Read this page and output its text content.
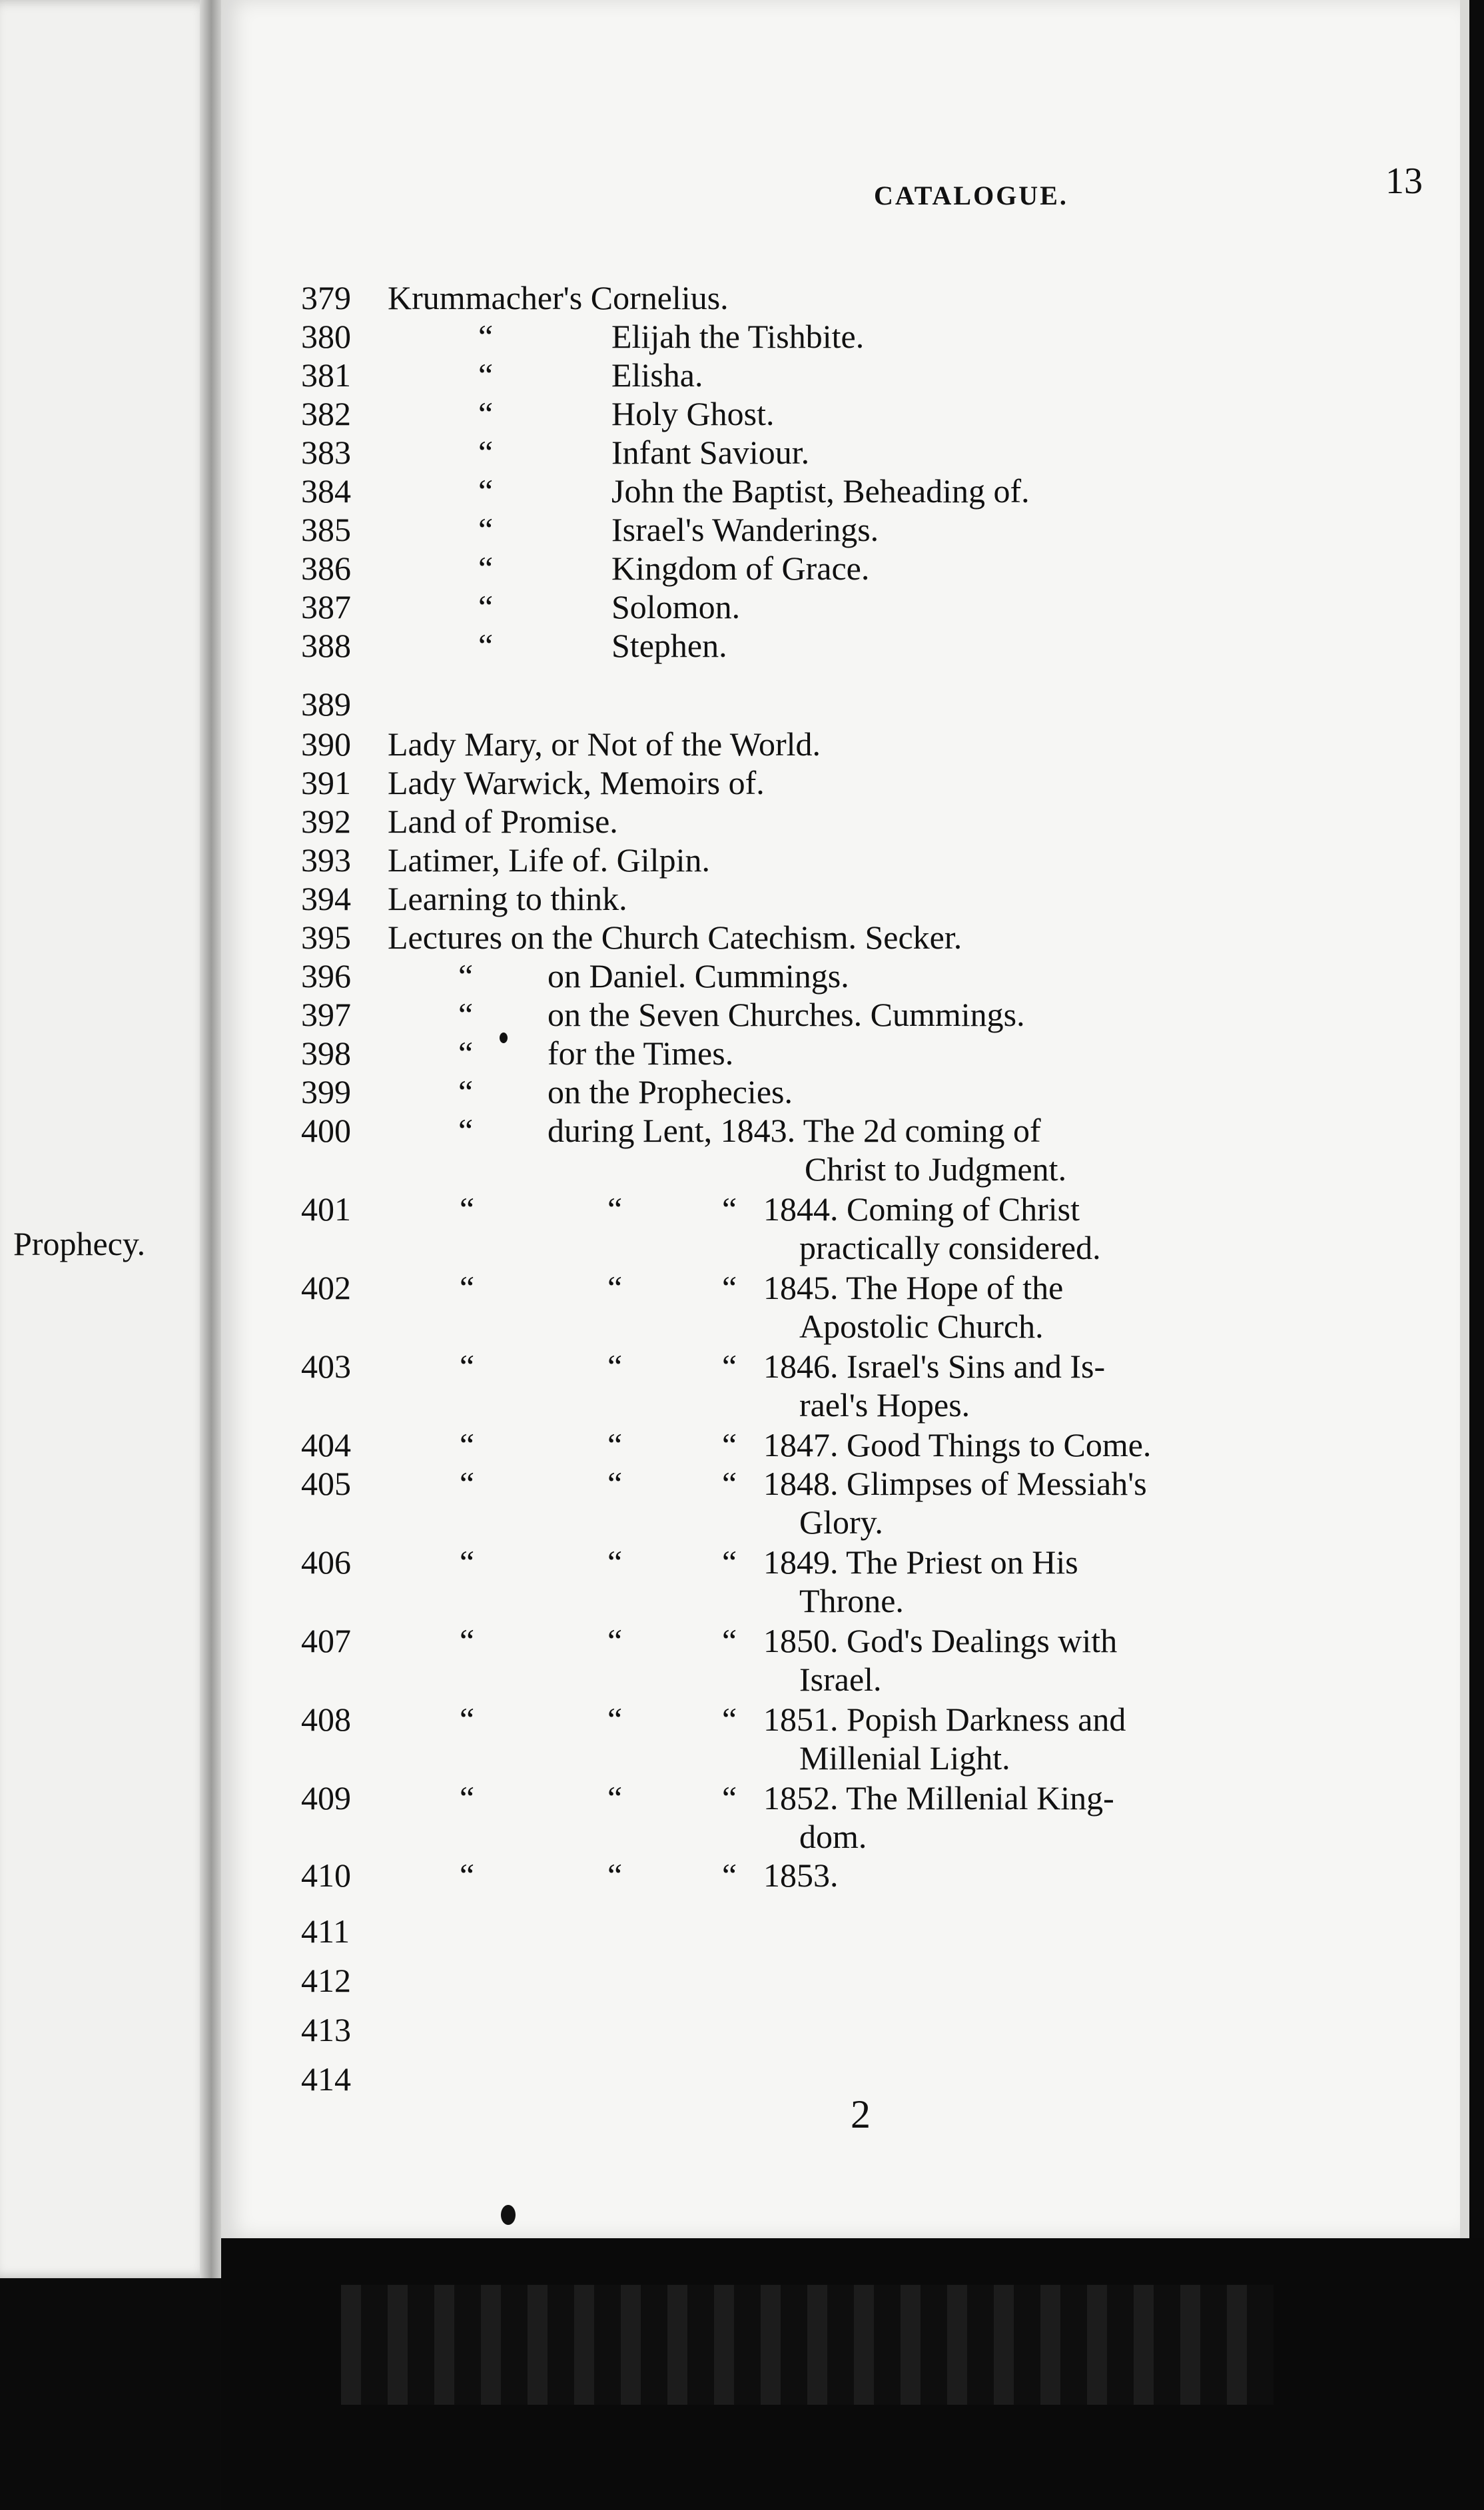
Prophecy.
CATALOGUE.	13
379 Krummacher's Cornelius.
380	“	Elijah the Tishbite.
381	“	Elisha.
382	“	Holy Ghost.
383	“	Infant Saviour.
384	“	John the Baptist, Beheading of.
385	“	Israel's Wanderings.
386	“	Kingdom of Grace.
387	“	Solomon.
388	“	Stephen.
389
390 Lady Mary, or Not of the World.
391 Lady Warwick, Memoirs of.
392 Land of Promise.
393 Latimer, Life of. Gilpin.
394 Learning to think.
395 Lectures on the Church Catechism. Secker.
396	“ on Daniel. Cummings.
397	“ on the Seven Churches. Cummings.
398	“ for the Times.
399	“ on the Prophecies.
400	“ during Lent, 1843. The 2d coming of
Christ to Judgment.
401	“	“	“ 1844. Coming of Christ
practically considered.
402	“	“	“ 1845. The Hope of the
Apostolic Church.
403	“	“	“ 1846. Israel's Sins and Is-
rael's Hopes.
404	“	“	“ 1847. Good Things to Come.
405	“	“	“ 1848. Glimpses of Messiah's
Glory.
406	“	“	“ 1849. The Priest on His
Throne.
407	“	“	“ 1850. God's Dealings with
Israel.
408	“	“	“ 1851. Popish Darkness and
Millenial Light.
409	“	“	“ 1852. The Millenial King-
dom.
410	“	“	“ 1853.
411
412
413
414
2
